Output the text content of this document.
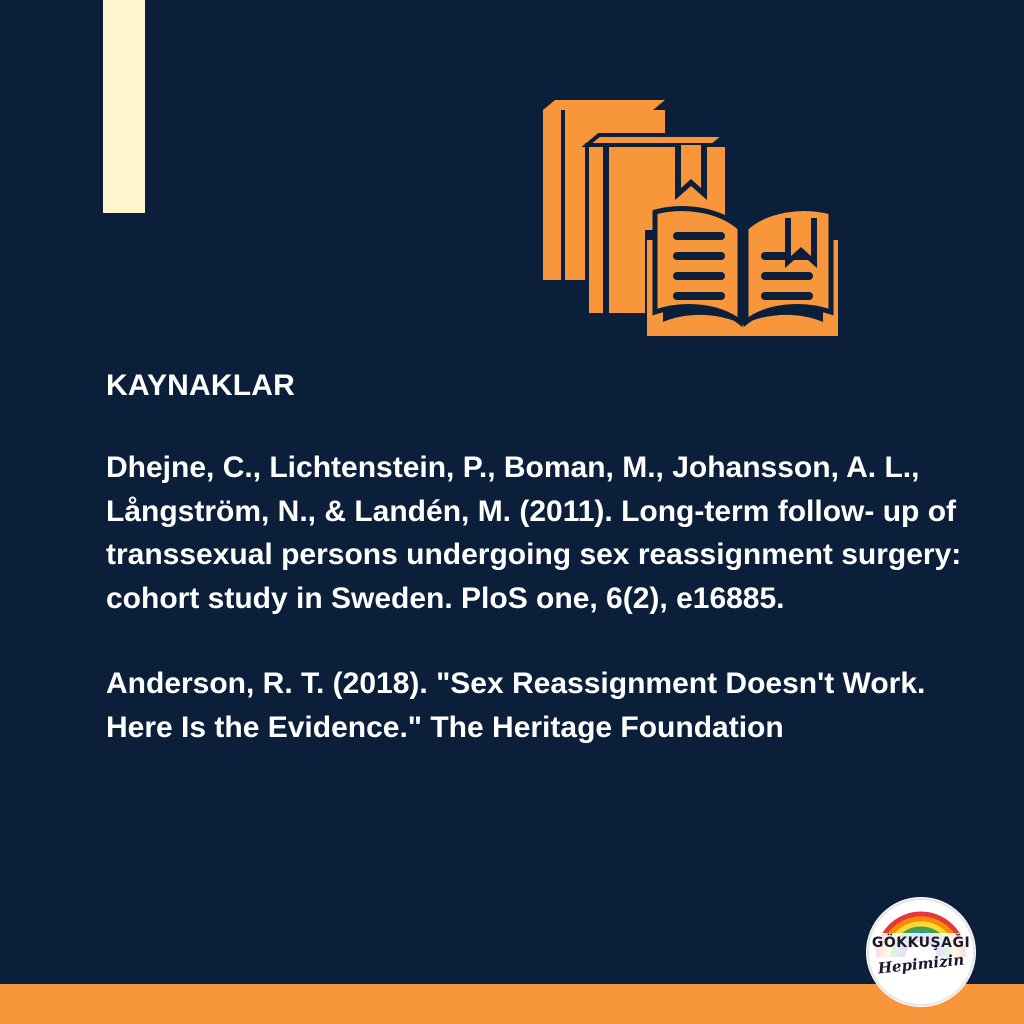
KAYNAKLAR

Dhejne, C., Lichtenstein, P., Boman, M., Johansson, A. L., Långström, N., & Landén, M. (2011). Long-term follow- up of transsexual persons undergoing sex reassignment surgery: cohort study in Sweden. PloS one, 6(2), e16885.

Anderson, R. T. (2018). "Sex Reassignment Doesn't Work. Here Is the Evidence." The Heritage Foundation

GÖKKUŞAĞI
Hepimizin
